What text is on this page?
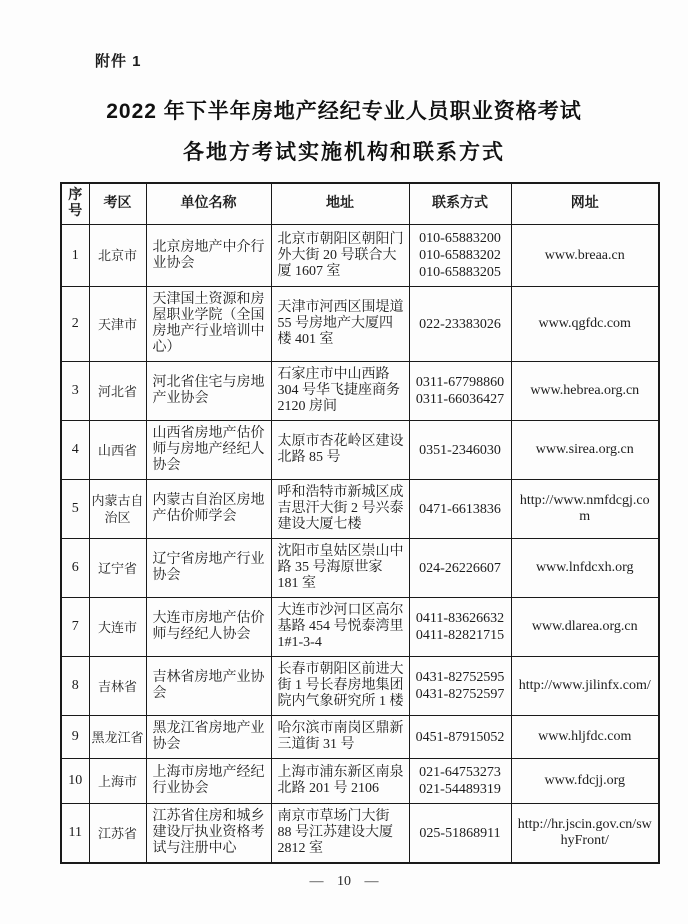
附件 1
2022 年下半年房地产经纪专业人员职业资格考试
各地方考试实施机构和联系方式
序号	考区	单位名称	地址	联系方式	网址
1	北京市	北京房地产中介行业协会	北京市朝阳区朝阳门外大街 20 号联合大厦 1607 室	010-65883200
010-65883202
010-65883205	www.breaa.cn
2	天津市	天津国土资源和房屋职业学院（全国房地产行业培训中心）	天津市河西区围堤道 55 号房地产大厦四楼 401 室	022-23383026	www.qgfdc.com
3	河北省	河北省住宅与房地产业协会	石家庄市中山西路 304 号华飞捷座商务 2120 房间	0311-67798860
0311-66036427	www.hebrea.org.cn
4	山西省	山西省房地产估价师与房地产经纪人协会	太原市杏花岭区建设北路 85 号	0351-2346030	www.sirea.org.cn
5	内蒙古自治区	内蒙古自治区房地产估价师学会	呼和浩特市新城区成吉思汗大街 2 号兴泰建设大厦七楼	0471-6613836	http://www.nmfdcgj.com
6	辽宁省	辽宁省房地产行业协会	沈阳市皇姑区崇山中路 35 号海原世家 181 室	024-26226607	www.lnfdcxh.org
7	大连市	大连市房地产估价师与经纪人协会	大连市沙河口区高尔基路 454 号悦泰湾里 1#1-3-4	0411-83626632
0411-82821715	www.dlarea.org.cn
8	吉林省	吉林省房地产业协会	长春市朝阳区前进大街 1 号长春房地集团院内气象研究所 1 楼	0431-82752595
0431-82752597	http://www.jilinfx.com/
9	黑龙江省	黑龙江省房地产业协会	哈尔滨市南岗区鼎新三道街 31 号	0451-87915052	www.hljfdc.com
10	上海市	上海市房地产经纪行业协会	上海市浦东新区南泉北路 201 号 2106	021-64753273
021-54489319	www.fdcjj.org
11	江苏省	江苏省住房和城乡建设厅执业资格考试与注册中心	南京市草场门大街 88 号江苏建设大厦 2812 室	025-51868911	http://hr.jscin.gov.cn/swhyFront/
— 10 —
